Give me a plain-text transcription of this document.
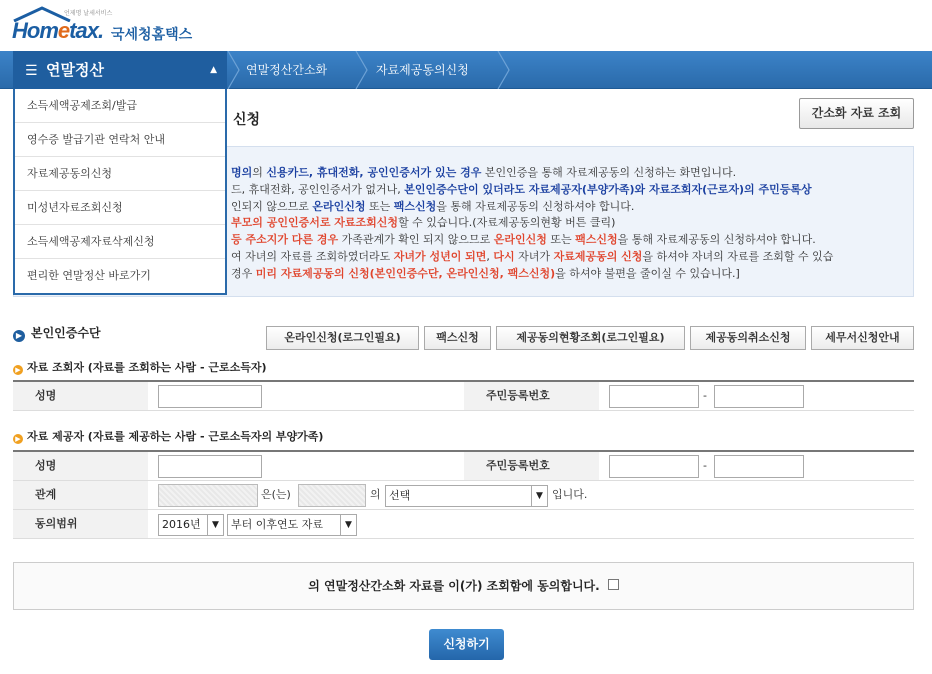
언제명 날세서비스
Hometax. 국세청홈택스
☰ 연말정산	▲ 연말정산간소화	자료제공동의신청
소득세액공제조회/발급
영수증 발급기관 연락처 안내
자료제공동의신청
미성년자료조회신청
소득세액공제자료삭제신청
편리한 연말정산 바로가기
신청	간소화 자료 조회

명의의 신용카드, 휴대전화, 공인인증서가 있는 경우 본인인증을 통해 자료제공동의 신청하는 화면입니다.

드, 휴대전화, 공인인증서가 없거나, 본인인증수단이 있더라도 자료제공자(부양가족)와 자료조회자(근로자)의 주민등록상

인되지 않으므로 온라인신청 또는 팩스신청을 통해 자료제공동의 신청하셔야 합니다.

부모의 공인인증서로 자료조회신청할 수 있습니다.(자료제공동의현황 버튼 클릭)

등 주소지가 다른 경우 가족관계가 확인 되지 않으므로 온라인신청 또는 팩스신청을 통해 자료제공동의 신청하셔야 합니다.

여 자녀의 자료를 조회하였더라도 자녀가 성년이 되면, 다시 자녀가 자료제공동의 신청을 하셔야 자녀의 자료를 조회할 수 있습

경우 미리 자료제공동의 신청(본인인증수단, 온라인신청, 팩스신청)을 하셔야 불편을 줄이실 수 있습니다.]

▶ 본인인증수단	온라인신청(로그인필요)	팩스신청	제공동의현황조회(로그인필요)	제공동의취소신청	세무서신청안내
▶ 자료 조회자 (자료를 조회하는 사람 - 근로소득자)
성명	주민등록번호	-
▶ 자료 제공자 (자료를 제공하는 사람 - 근로소득자의 부양가족)
성명	주민등록번호	-
관계	은(는)	의 선택	▼ 입니다.
동의범위	2016년	▼	부터 이후연도 자료	▼
의 연말정산간소화 자료를 이(가) 조회함에 동의합니다.
신청하기
